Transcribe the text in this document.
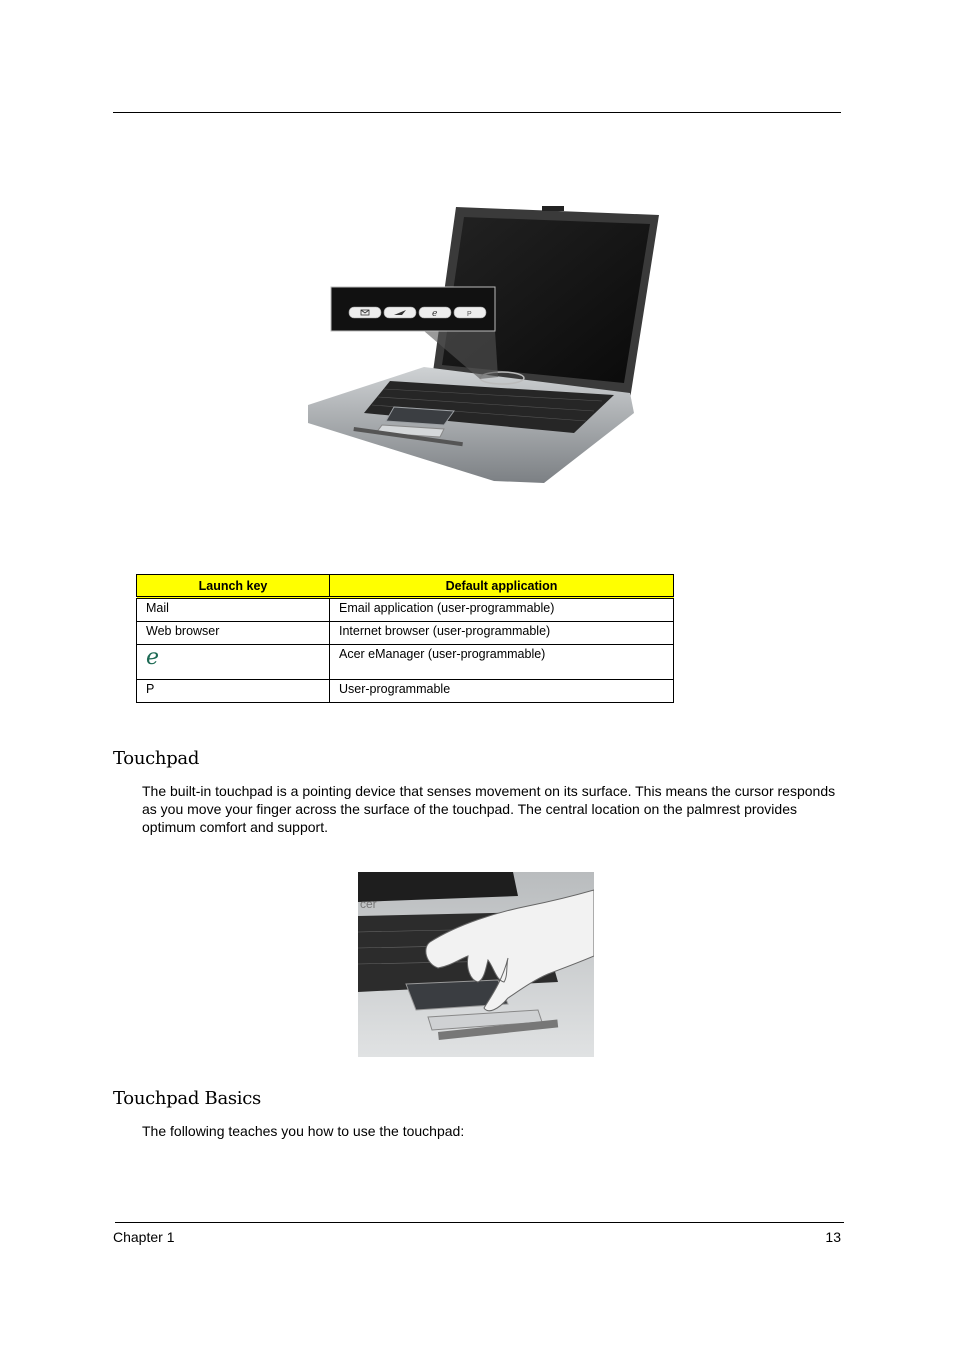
e	P
Launch key	Default application
Mail	Email application (user-programmable)
Web browser	Internet browser (user-programmable)
e	Acer eManager (user-programmable)
P	User-programmable
Touchpad

The built-in touchpad is a pointing device that senses movement on its surface. This means the cursor responds as you move your finger across the surface of the touchpad. The central location on the palmrest provides optimum comfort and support.

cer
Touchpad Basics

The following teaches you how to use the touchpad:

Chapter 1	13
